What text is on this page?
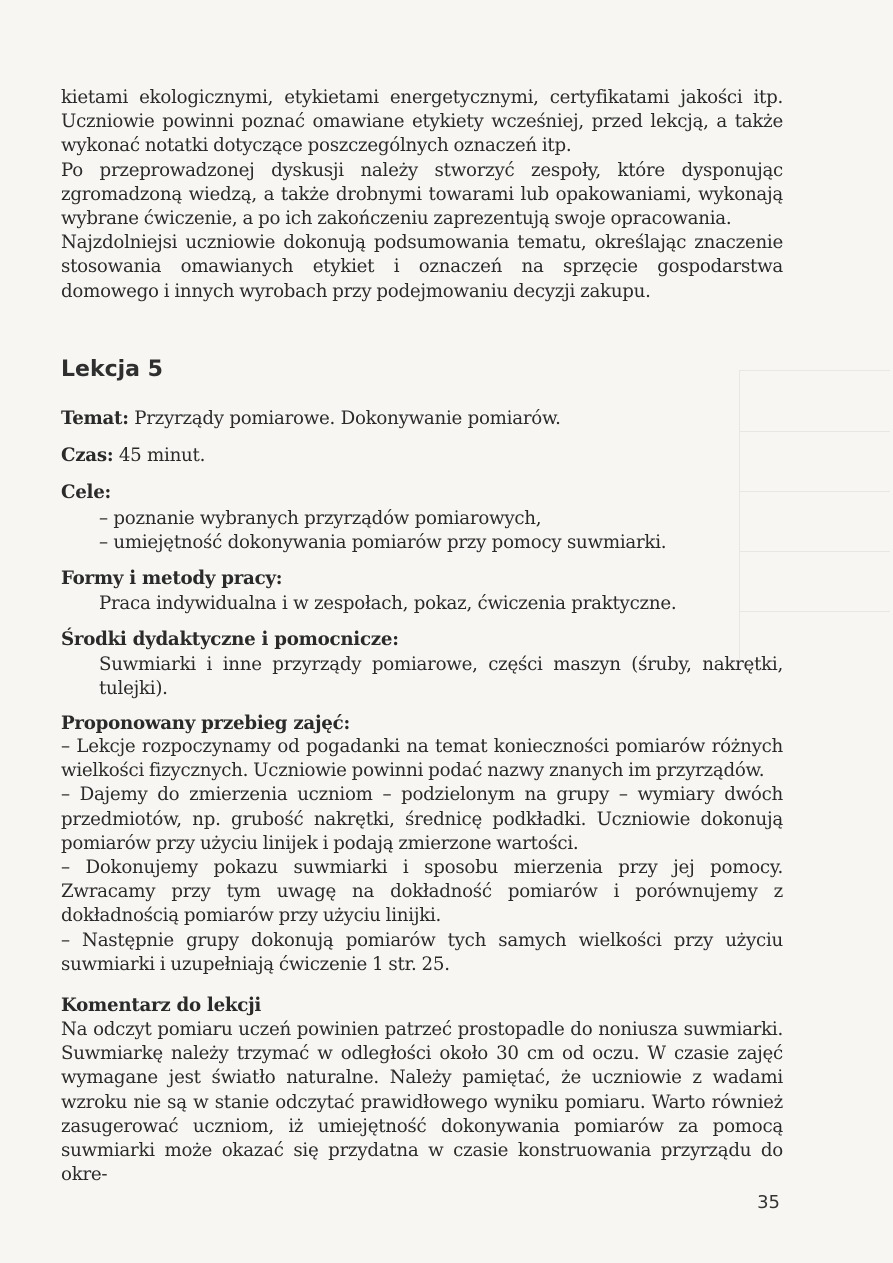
kietami ekologicznymi, etykietami energetycznymi, certyfikatami jakości itp. Uczniowie powinni poznać omawiane etykiety wcześniej, przed lekcją, a także wykonać notatki dotyczące poszczególnych oznaczeń itp.

Po przeprowadzonej dyskusji należy stworzyć zespoły, które dysponując zgromadzoną wiedzą, a także drobnymi towarami lub opakowaniami, wykonają wybrane ćwiczenie, a po ich zakończeniu zaprezentują swoje opracowania.

Najzdolniejsi uczniowie dokonują podsumowania tematu, określając znaczenie stosowania omawianych etykiet i oznaczeń na sprzęcie gospodarstwa domowego i innych wyrobach przy podejmowaniu decyzji zakupu.

Lekcja 5
Temat: Przyrządy pomiarowe. Dokonywanie pomiarów.
Czas: 45 minut.
Cele:
– poznanie wybranych przyrządów pomiarowych,
– umiejętność dokonywania pomiarów przy pomocy suwmiarki.
Formy i metody pracy:
Praca indywidualna i w zespołach, pokaz, ćwiczenia praktyczne.
Środki dydaktyczne i pomocnicze:
Suwmiarki i inne przyrządy pomiarowe, części maszyn (śruby, nakrętki, tulejki).
Proponowany przebieg zajęć:

– Lekcje rozpoczynamy od pogadanki na temat konieczności pomiarów różnych wielkości fizycznych. Uczniowie powinni podać nazwy znanych im przyrządów.

– Dajemy do zmierzenia uczniom – podzielonym na grupy – wymiary dwóch przedmiotów, np. grubość nakrętki, średnicę podkładki. Uczniowie dokonują pomiarów przy użyciu linijek i podają zmierzone wartości.

– Dokonujemy pokazu suwmiarki i sposobu mierzenia przy jej pomocy. Zwracamy przy tym uwagę na dokładność pomiarów i porównujemy z dokładnością pomiarów przy użyciu linijki.

– Następnie grupy dokonują pomiarów tych samych wielkości przy użyciu suwmiarki i uzupełniają ćwiczenie 1 str. 25.

Komentarz do lekcji

Na odczyt pomiaru uczeń powinien patrzeć prostopadle do noniusza suwmiarki. Suwmiarkę należy trzymać w odległości około 30 cm od oczu. W czasie zajęć wymagane jest światło naturalne. Należy pamiętać, że uczniowie z wadami wzroku nie są w stanie odczytać prawidłowego wyniku pomiaru. Warto również zasugerować uczniom, iż umiejętność dokonywania pomiarów za pomocą suwmiarki może okazać się przydatna w czasie konstruowania przyrządu do okre-

35
